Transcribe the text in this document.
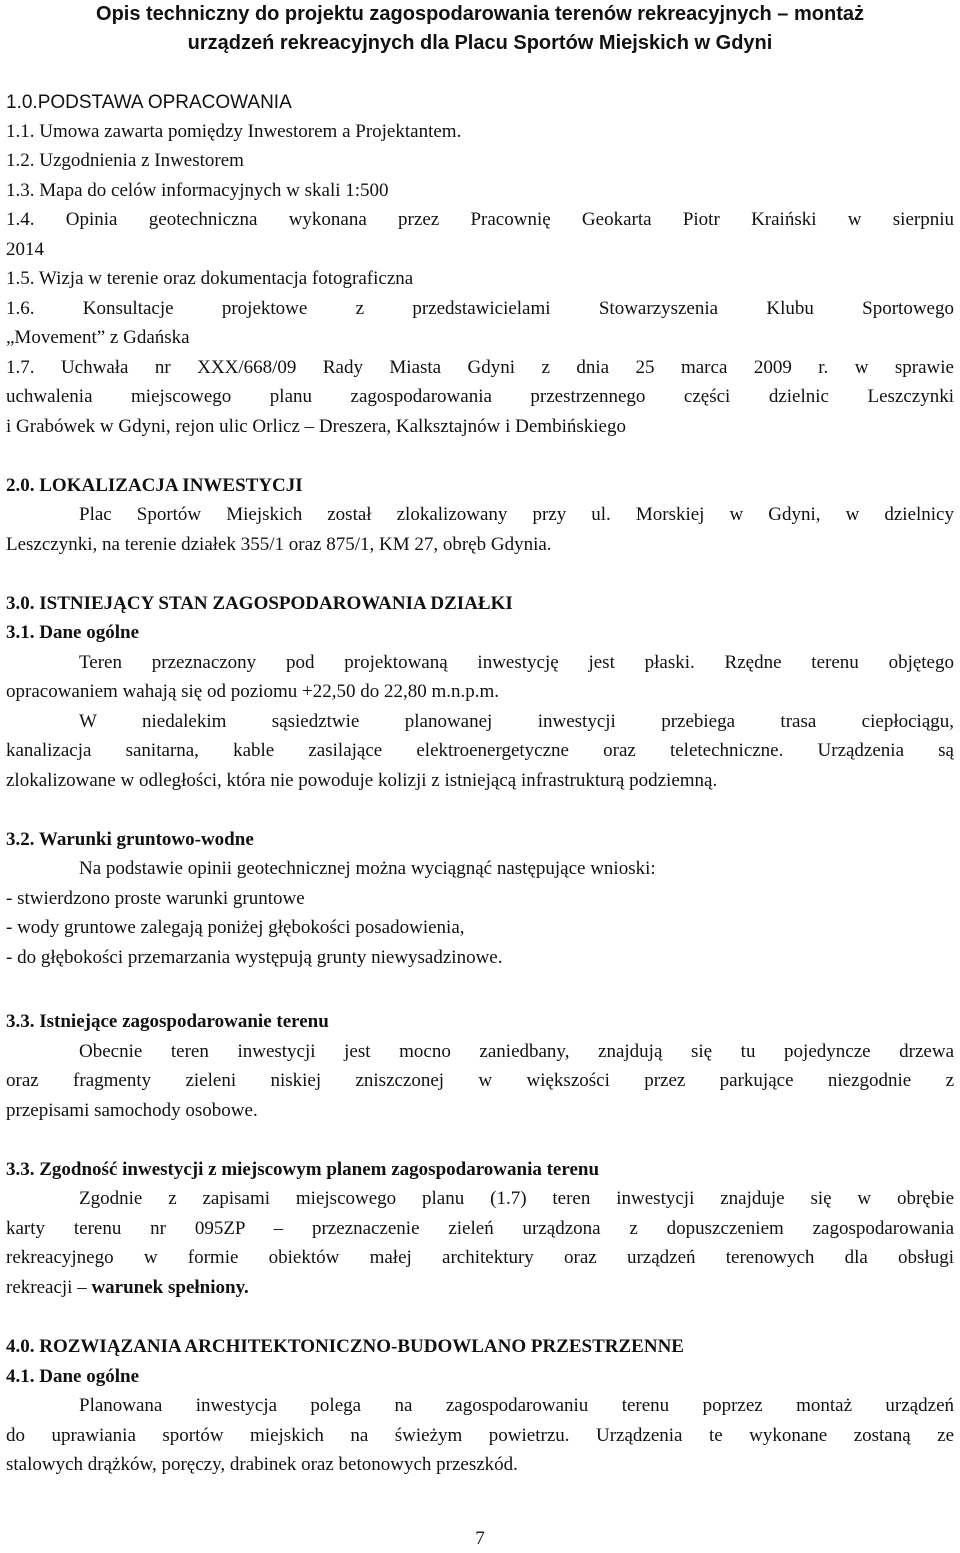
Opis techniczny do projektu zagospodarowania terenów rekreacyjnych – montaż
urządzeń rekreacyjnych dla Placu Sportów Miejskich w Gdyni
1.0.PODSTAWA OPRACOWANIA
1.1. Umowa zawarta pomiędzy Inwestorem a Projektantem.
1.2. Uzgodnienia z Inwestorem
1.3. Mapa do celów informacyjnych w skali 1:500
1.4. Opinia geotechniczna wykonana przez Pracownię Geokarta Piotr Kraiński w sierpniu
2014
1.5. Wizja w terenie oraz dokumentacja fotograficzna
1.6. Konsultacje projektowe z przedstawicielami Stowarzyszenia Klubu Sportowego
„Movement” z Gdańska
1.7. Uchwała nr XXX/668/09 Rady Miasta Gdyni z dnia 25 marca 2009 r. w sprawie
uchwalenia miejscowego planu zagospodarowania przestrzennego części dzielnic Leszczynki
i Grabówek w Gdyni, rejon ulic Orlicz – Dreszera, Kalksztajnów i Dembińskiego
2.0. LOKALIZACJA INWESTYCJI
Plac Sportów Miejskich został zlokalizowany przy ul. Morskiej w Gdyni, w dzielnicy
Leszczynki, na terenie działek 355/1 oraz 875/1, KM 27, obręb Gdynia.
3.0. ISTNIEJĄCY STAN ZAGOSPODAROWANIA DZIAŁKI
3.1. Dane ogólne
Teren przeznaczony pod projektowaną inwestycję jest płaski. Rzędne terenu objętego
opracowaniem wahają się od poziomu +22,50 do 22,80 m.n.p.m.
W niedalekim sąsiedztwie planowanej inwestycji przebiega trasa ciepłociągu,
kanalizacja sanitarna, kable zasilające elektroenergetyczne oraz teletechniczne. Urządzenia są
zlokalizowane w odległości, która nie powoduje kolizji z istniejącą infrastrukturą podziemną.
3.2. Warunki gruntowo-wodne
Na podstawie opinii geotechnicznej można wyciągnąć następujące wnioski:
- stwierdzono proste warunki gruntowe
- wody gruntowe zalegają poniżej głębokości posadowienia,
- do głębokości przemarzania występują grunty niewysadzinowe.
3.3. Istniejące zagospodarowanie terenu
Obecnie teren inwestycji jest mocno zaniedbany, znajdują się tu pojedyncze drzewa
oraz fragmenty zieleni niskiej zniszczonej w większości przez parkujące niezgodnie z
przepisami samochody osobowe.
3.3. Zgodność inwestycji z miejscowym planem zagospodarowania terenu
Zgodnie z zapisami miejscowego planu (1.7) teren inwestycji znajduje się w obrębie
karty terenu nr 095ZP – przeznaczenie zieleń urządzona z dopuszczeniem zagospodarowania
rekreacyjnego w formie obiektów małej architektury oraz urządzeń terenowych dla obsługi
rekreacji – warunek spełniony.
4.0. ROZWIĄZANIA ARCHITEKTONICZNO-BUDOWLANO PRZESTRZENNE
4.1. Dane ogólne
Planowana inwestycja polega na zagospodarowaniu terenu poprzez montaż urządzeń
do uprawiania sportów miejskich na świeżym powietrzu. Urządzenia te wykonane zostaną ze
stalowych drążków, poręczy, drabinek oraz betonowych przeszkód.
7
